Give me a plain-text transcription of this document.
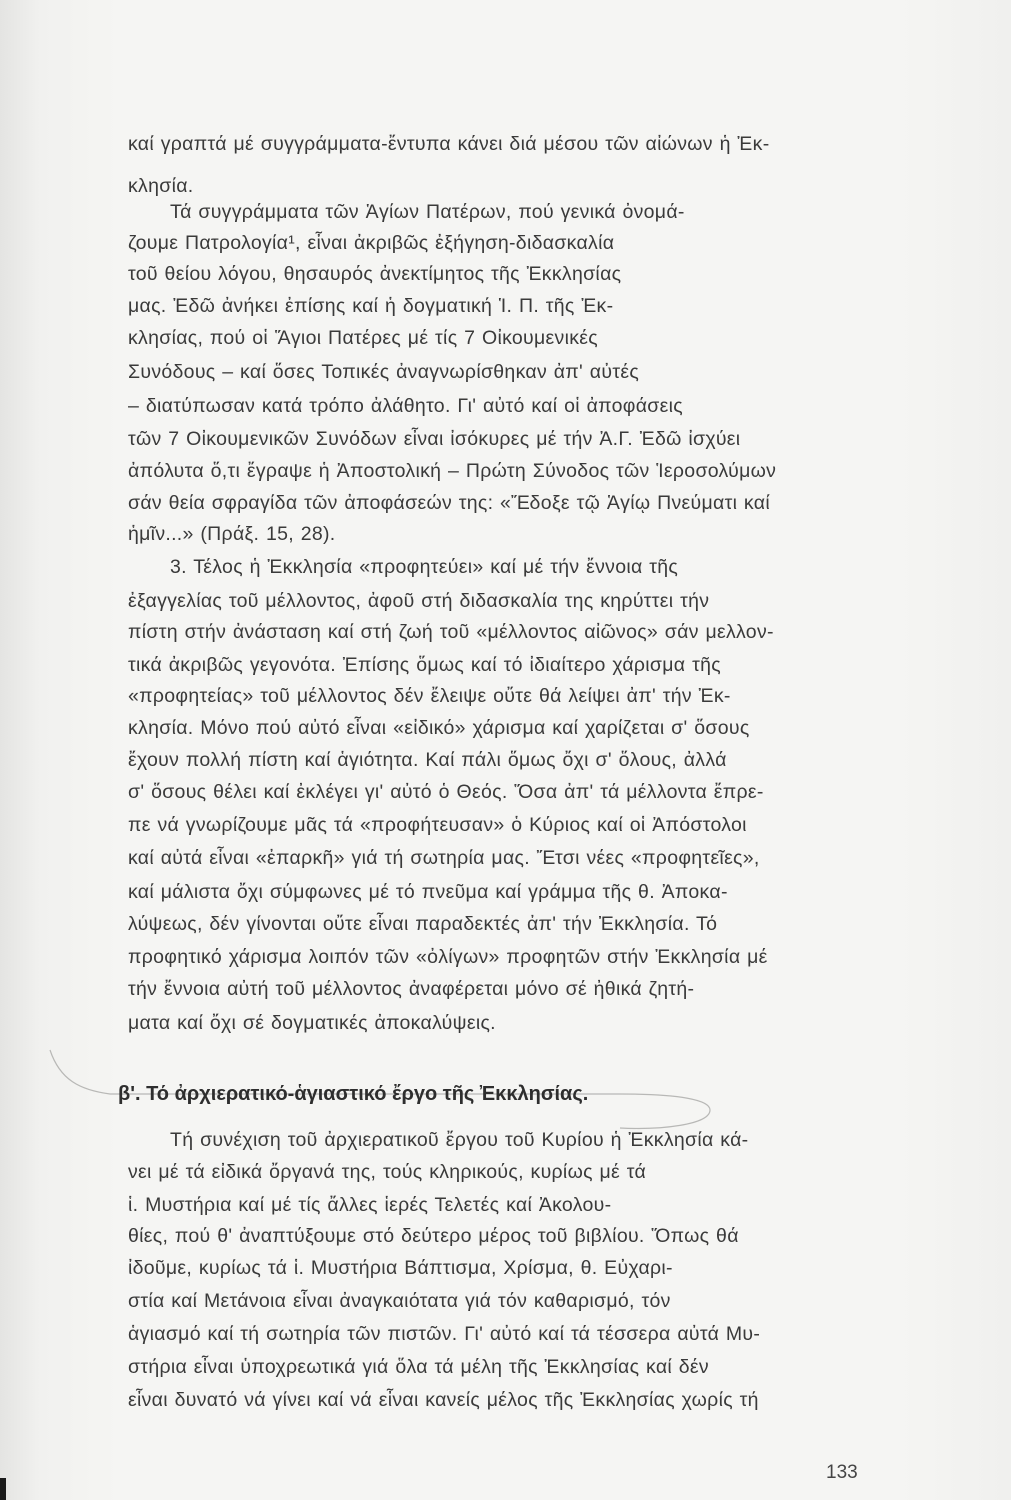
καί γραπτά μέ συγγράμματα-ἔντυπα κάνει διά μέσου τῶν αἰώνων ἡ Ἐκ-
κλησία.
Τά συγγράμματα τῶν Ἁγίων Πατέρων, πού γενικά ὀνομά-
ζουμε Πατρολογία¹, εἶναι ἀκριβῶς ἐξήγηση-διδασκαλία
τοῦ θείου λόγου, θησαυρός ἀνεκτίμητος τῆς Ἐκκλησίας
μας. Ἐδῶ ἀνήκει ἐπίσης καί ἡ δογματική Ἱ. Π. τῆς Ἐκ-
κλησίας, πού οἱ Ἅγιοι Πατέρες μέ τίς 7 Οἰκουμενικές
Συνόδους – καί ὅσες Τοπικές ἀναγνωρίσθηκαν ἀπ' αὐτές
– διατύπωσαν κατά τρόπο ἀλάθητο. Γι' αὐτό καί οἱ ἀποφάσεις
τῶν 7 Οἰκουμενικῶν Συνόδων εἶναι ἰσόκυρες μέ τήν Ἀ.Γ. Ἐδῶ ἰσχύει
ἀπόλυτα ὅ,τι ἔγραψε ἡ Ἀποστολική – Πρώτη Σύνοδος τῶν Ἱεροσολύμων
σάν θεία σφραγίδα τῶν ἀποφάσεών της: «Ἔδοξε τῷ Ἁγίῳ Πνεύματι καί
ἡμῖν...» (Πράξ. 15, 28).
3. Τέλος ἡ Ἐκκλησία «προφητεύει» καί μέ τήν ἔννοια τῆς
ἐξαγγελίας τοῦ μέλλοντος, ἀφοῦ στή διδασκαλία της κηρύττει τήν
πίστη στήν ἀνάσταση καί στή ζωή τοῦ «μέλλοντος αἰῶνος» σάν μελλον-
τικά ἀκριβῶς γεγονότα. Ἐπίσης ὅμως καί τό ἰδιαίτερο χάρισμα τῆς
«προφητείας» τοῦ μέλλοντος δέν ἔλειψε οὔτε θά λείψει ἀπ' τήν Ἐκ-
κλησία. Μόνο πού αὐτό εἶναι «εἰδικό» χάρισμα καί χαρίζεται σ' ὅσους
ἔχουν πολλή πίστη καί ἁγιότητα. Καί πάλι ὅμως ὄχι σ' ὅλους, ἀλλά
σ' ὅσους θέλει καί ἐκλέγει γι' αὐτό ὁ Θεός. Ὅσα ἀπ' τά μέλλοντα ἔπρε-
πε νά γνωρίζουμε μᾶς τά «προφήτευσαν» ὁ Κύριος καί οἱ Ἀπόστολοι
καί αὐτά εἶναι «ἐπαρκῆ» γιά τή σωτηρία μας. Ἔτσι νέες «προφητεῖες»,
καί μάλιστα ὄχι σύμφωνες μέ τό πνεῦμα καί γράμμα τῆς θ. Ἀποκα-
λύψεως, δέν γίνονται οὔτε εἶναι παραδεκτές ἀπ' τήν Ἐκκλησία. Τό
προφητικό χάρισμα λοιπόν τῶν «ὀλίγων» προφητῶν στήν Ἐκκλησία μέ
τήν ἔννοια αὐτή τοῦ μέλλοντος ἀναφέρεται μόνο σέ ἠθικά ζητή-
ματα καί ὄχι σέ δογματικές ἀποκαλύψεις.
β'. Τό ἀρχιερατικό-ἁγιαστικό ἔργο τῆς Ἐκκλησίας.
Τή συνέχιση τοῦ ἀρχιερατικοῦ ἔργου τοῦ Κυρίου ἡ Ἐκκλησία κά-
νει μέ τά εἰδικά ὄργανά της, τούς κληρικούς, κυρίως μέ τά
ἱ. Μυστήρια καί μέ τίς ἄλλες ἱερές Τελετές καί Ἀκολου-
θίες, πού θ' ἀναπτύξουμε στό δεύτερο μέρος τοῦ βιβλίου. Ὅπως θά
ἰδοῦμε, κυρίως τά ἱ. Μυστήρια Βάπτισμα, Χρίσμα, θ. Εὐχαρι-
στία καί Μετάνοια εἶναι ἀναγκαιότατα γιά τόν καθαρισμό, τόν
ἁγιασμό καί τή σωτηρία τῶν πιστῶν. Γι' αὐτό καί τά τέσσερα αὐτά Μυ-
στήρια εἶναι ὑποχρεωτικά γιά ὅλα τά μέλη τῆς Ἐκκλησίας καί δέν
εἶναι δυνατό νά γίνει καί νά εἶναι κανείς μέλος τῆς Ἐκκλησίας χωρίς τή
133
